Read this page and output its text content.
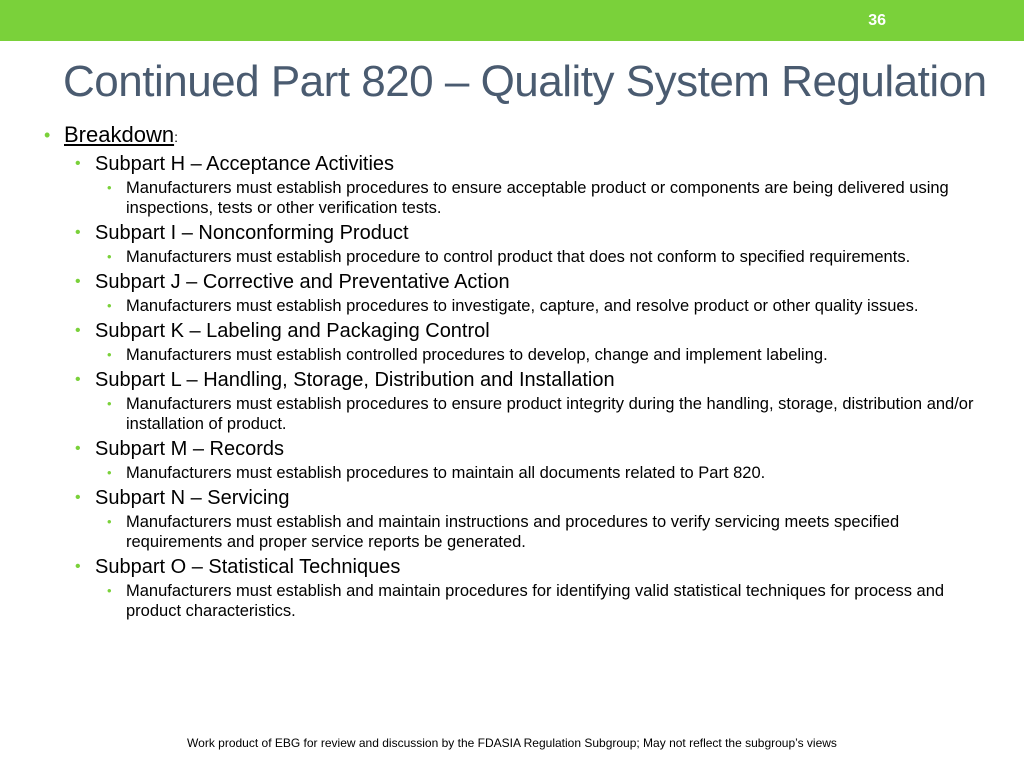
36
Continued Part 820 – Quality System Regulation
• Breakdown:
• Subpart H – Acceptance Activities
• Manufacturers must establish procedures to ensure acceptable product or components are being delivered using inspections, tests or other verification tests.
• Subpart I – Nonconforming Product
• Manufacturers must establish procedure to control product that does not conform to specified requirements.
• Subpart J – Corrective and Preventative Action
• Manufacturers must establish procedures to investigate, capture, and resolve product or other quality issues.
• Subpart K – Labeling and Packaging Control
• Manufacturers must establish controlled procedures to develop, change and implement labeling.
• Subpart L – Handling, Storage, Distribution and Installation
• Manufacturers must establish procedures to ensure product integrity during the handling, storage, distribution and/or installation of product.
• Subpart M – Records
• Manufacturers must establish procedures to maintain all documents related to Part 820.
• Subpart N – Servicing
• Manufacturers must establish and maintain instructions and procedures to verify servicing meets specified requirements and proper service reports be generated.
• Subpart O – Statistical Techniques
• Manufacturers must establish and maintain procedures for identifying valid statistical techniques for process and product characteristics.
Work product of EBG for review and discussion by the FDASIA Regulation Subgroup; May not reflect the subgroup’s views
